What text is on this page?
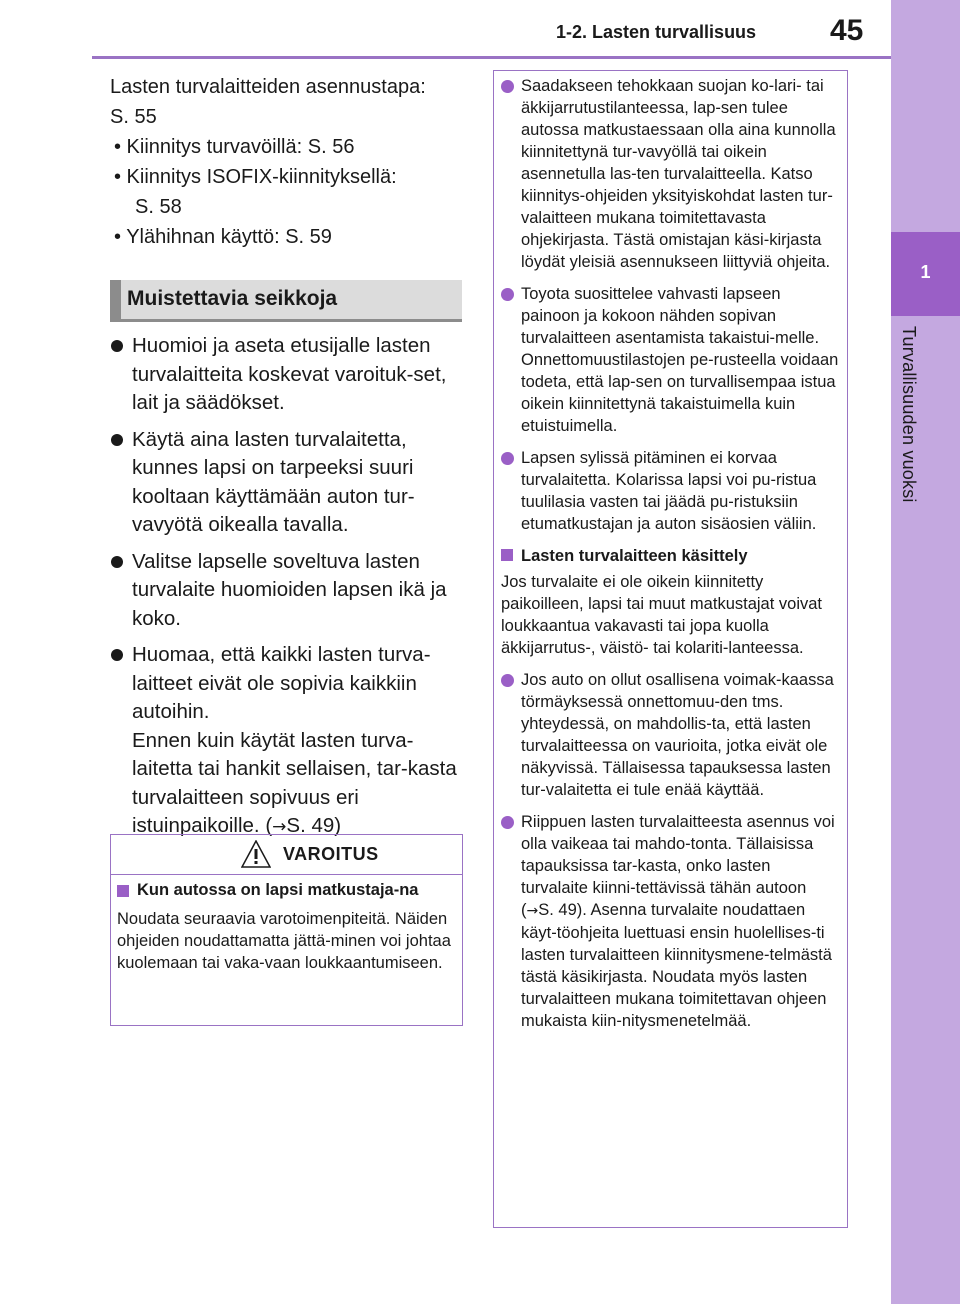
1-2. Lasten turvallisuus 45
1
Turvallisuuden vuoksi
Lasten turvalaitteiden asennustapa:
S. 55
• Kiinnitys turvavöillä: S. 56
• Kiinnitys ISOFIX-kiinnityksellä:
S. 58
• Ylähihnan käyttö: S. 59
Muistettavia seikkoja
Huomioi ja aseta etusijalle lasten turvalaitteita koskevat varoituk-set, lait ja säädökset.
Käytä aina lasten turvalaitetta, kunnes lapsi on tarpeeksi suuri kooltaan käyttämään auton tur-vavyötä oikealla tavalla.
Valitse lapselle soveltuva lasten turvalaite huomioiden lapsen ikä ja koko.
Huomaa, että kaikki lasten turva-laitteet eivät ole sopivia kaikkiin autoihin.
Ennen kuin käytät lasten turva-laitetta tai hankit sellaisen, tar-kasta turvalaitteen sopivuus eri istuinpaikoille. (→S. 49)
VAROITUS
Kun autossa on lapsi matkustaja-na
Noudata seuraavia varotoimenpiteitä. Näiden ohjeiden noudattamatta jättä-minen voi johtaa kuolemaan tai vaka-vaan loukkaantumiseen.
Saadakseen tehokkaan suojan ko-lari- tai äkkijarrutustilanteessa, lap-sen tulee autossa matkustaessaan olla aina kunnolla kiinnitettynä tur-vavyöllä tai oikein asennetulla las-ten turvalaitteella. Katso kiinnitys-ohjeiden yksityiskohdat lasten tur-valaitteen mukana toimitettavasta ohjekirjasta. Tästä omistajan käsi-kirjasta löydät yleisiä asennukseen liittyviä ohjeita.
Toyota suosittelee vahvasti lapseen painoon ja kokoon nähden sopivan turvalaitteen asentamista takaistui-melle. Onnettomuustilastojen pe-rusteella voidaan todeta, että lap-sen on turvallisempaa istua oikein kiinnitettynä takaistuimella kuin etuistuimella.
Lapsen sylissä pitäminen ei korvaa turvalaitetta. Kolarissa lapsi voi pu-ristua tuulilasia vasten tai jäädä pu-ristuksiin etumatkustajan ja auton sisäosien väliin.
Lasten turvalaitteen käsittely
Jos turvalaite ei ole oikein kiinnitetty paikoilleen, lapsi tai muut matkustajat voivat loukkaantua vakavasti tai jopa kuolla äkkijarrutus-, väistö- tai kolariti-lanteessa.
Jos auto on ollut osallisena voimak-kaassa törmäyksessä onnettomuu-den tms. yhteydessä, on mahdollis-ta, että lasten turvalaitteessa on vaurioita, jotka eivät ole näkyvissä. Tällaisessa tapauksessa lasten tur-valaitetta ei tule enää käyttää.
Riippuen lasten turvalaitteesta asennus voi olla vaikeaa tai mahdo-tonta. Tällaisissa tapauksissa tar-kasta, onko lasten turvalaite kiinni-tettävissä tähän autoon (→S. 49). Asenna turvalaite noudattaen käyt-töohjeita luettuasi ensin huolellises-ti lasten turvalaitteen kiinnitysmene-telmästä tästä käsikirjasta. Noudata myös lasten turvalaitteen mukana toimitettavan ohjeen mukaista kiin-nitysmenetelmää.
